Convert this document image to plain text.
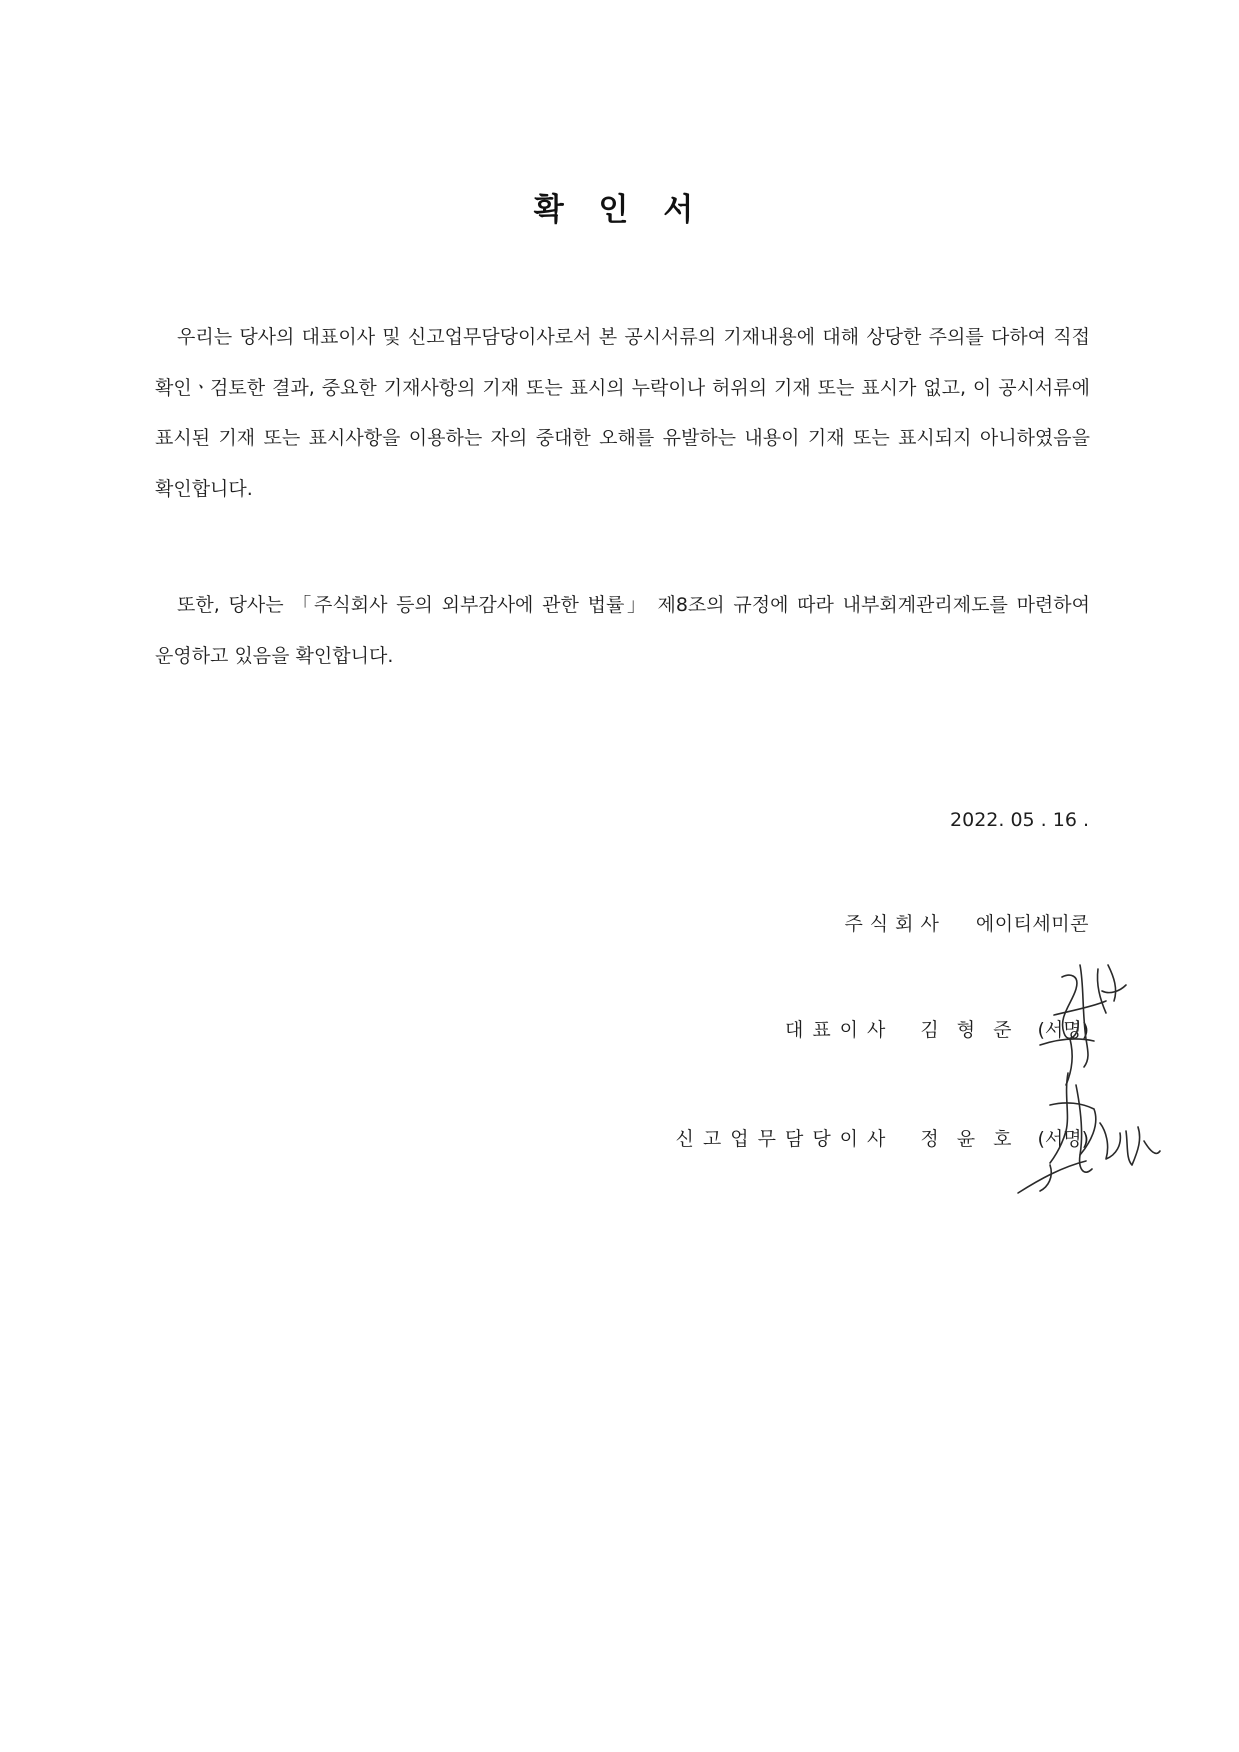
확 인 서

우리는 당사의 대표이사 및 신고업무담당이사로서 본 공시서류의 기재내용에 대해 상당한 주의를 다하여 직접 확인ㆍ검토한 결과, 중요한 기재사항의 기재 또는 표시의 누락이나 허위의 기재 또는 표시가 없고, 이 공시서류에 표시된 기재 또는 표시사항을 이용하는 자의 중대한 오해를 유발하는 내용이 기재 또는 표시되지 아니하였음을 확인합니다.

또한, 당사는 「주식회사 등의 외부감사에 관한 법률」 제8조의 규정에 따라 내부회계관리제도를 마련하여 운영하고 있음을 확인합니다.

2022. 05 . 16 .
주식회사 에이티세미콘
대표이사 김형준 (서명)
신고업무담당이사 정윤호 (서명)
